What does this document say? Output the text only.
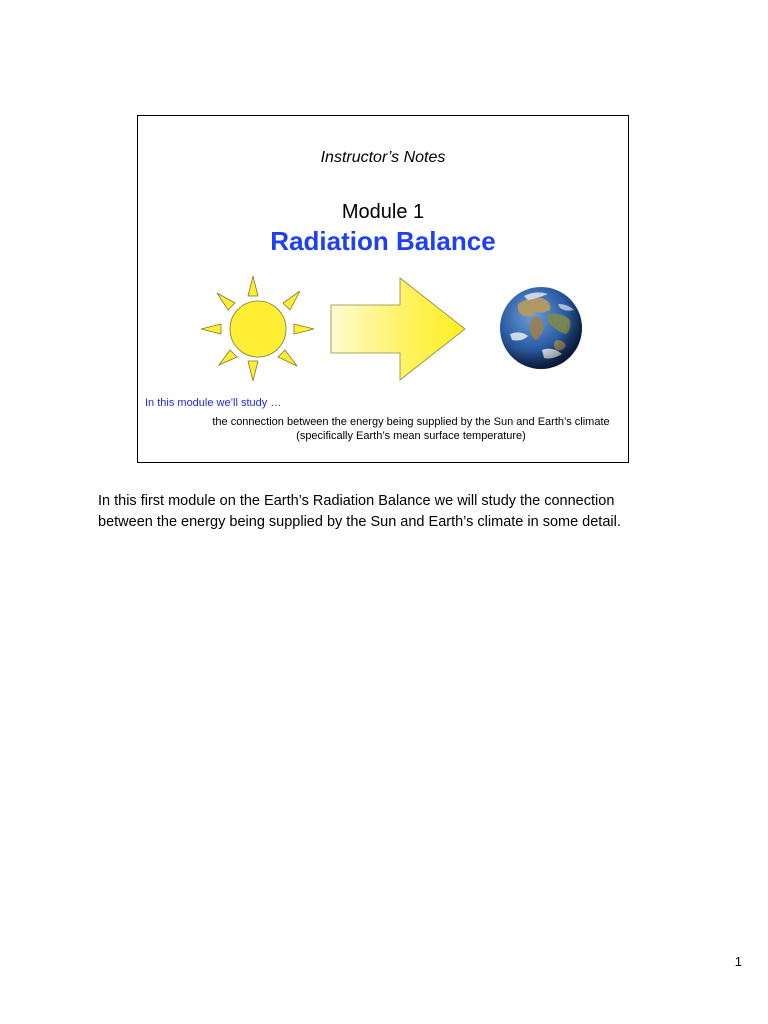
Instructor’s Notes
Module 1
Radiation Balance
In this module we’ll study …
the connection between the energy being supplied by the Sun and Earth’s climate
(specifically Earth’s mean surface temperature)
In this first module on the Earth’s Radiation Balance we will study the connection between the energy being supplied by the Sun and Earth’s climate in some detail.
1
